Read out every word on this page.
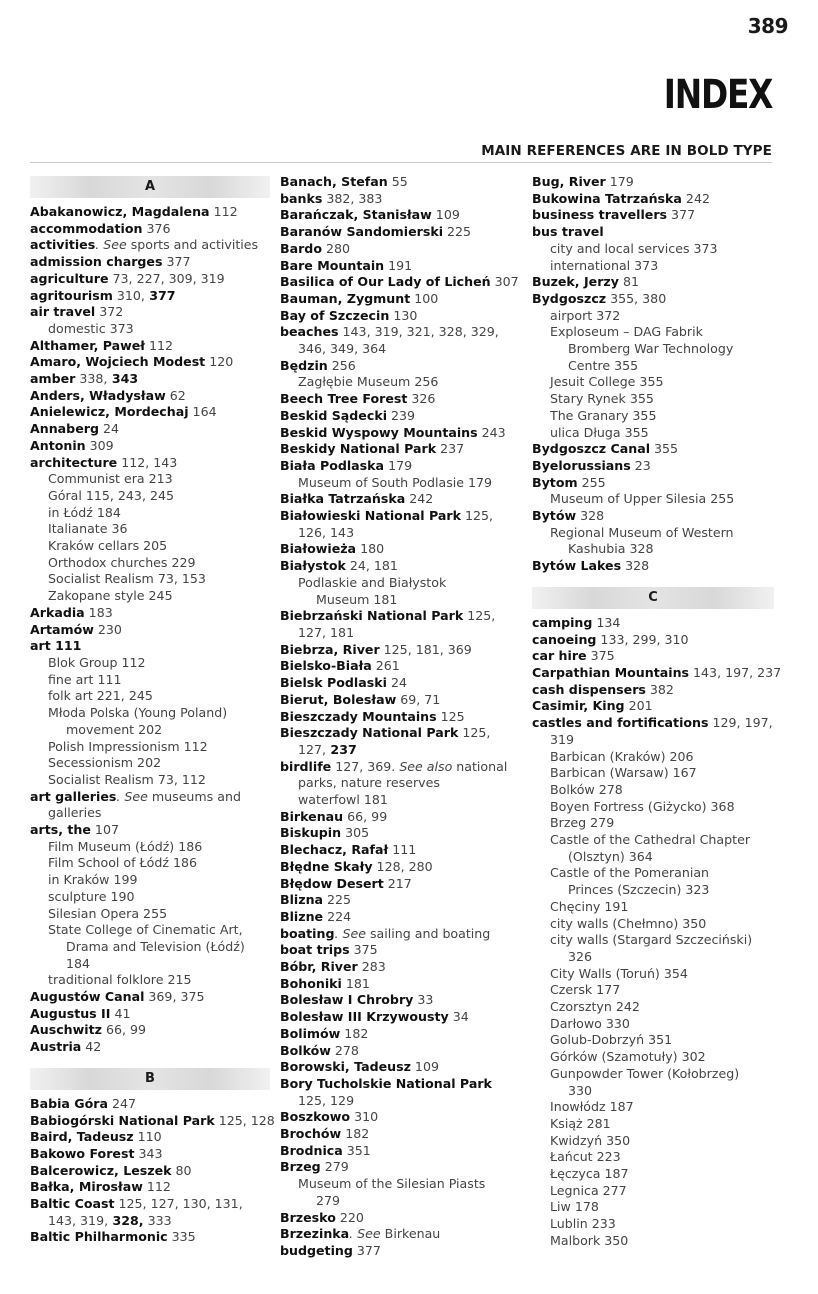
389
INDEX
MAIN REFERENCES ARE IN BOLD TYPE
A
Abakanowicz, Magdalena 112
accommodation 376
activities. See sports and activities
admission charges 377
agriculture 73, 227, 309, 319
agritourism 310, 377
air travel 372
domestic 373
Althamer, Paweł 112
Amaro, Wojciech Modest 120
amber 338, 343
Anders, Władysław 62
Anielewicz, Mordechaj 164
Annaberg 24
Antonin 309
architecture 112, 143
Communist era 213
Góral 115, 243, 245
in Łódź 184
Italianate 36
Kraków cellars 205
Orthodox churches 229
Socialist Realism 73, 153
Zakopane style 245
Arkadia 183
Artamów 230
art 111
Blok Group 112
fine art 111
folk art 221, 245
Młoda Polska (Young Poland)
movement 202
Polish Impressionism 112
Secessionism 202
Socialist Realism 73, 112
art galleries. See museums and
galleries
arts, the 107
Film Museum (Łódź) 186
Film School of Łódź 186
in Kraków 199
sculpture 190
Silesian Opera 255
State College of Cinematic Art,
Drama and Television (Łódź)
184
traditional folklore 215
Augustów Canal 369, 375
Augustus II 41
Auschwitz 66, 99
Austria 42
B
Babia Góra 247
Babiogórski National Park 125, 128
Baird, Tadeusz 110
Bakowo Forest 343
Balcerowicz, Leszek 80
Bałka, Mirosław 112
Baltic Coast 125, 127, 130, 131,
143, 319, 328, 333
Baltic Philharmonic 335
Banach, Stefan 55
banks 382, 383
Barańczak, Stanisław 109
Baranów Sandomierski 225
Bardo 280
Bare Mountain 191
Basilica of Our Lady of Licheń 307
Bauman, Zygmunt 100
Bay of Szczecin 130
beaches 143, 319, 321, 328, 329,
346, 349, 364
Będzin 256
Zagłębie Museum 256
Beech Tree Forest 326
Beskid Sądecki 239
Beskid Wyspowy Mountains 243
Beskidy National Park 237
Biała Podlaska 179
Museum of South Podlasie 179
Białka Tatrzańska 242
Białowieski National Park 125,
126, 143
Białowieża 180
Białystok 24, 181
Podlaskie and Białystok
Museum 181
Biebrzański National Park 125,
127, 181
Biebrza, River 125, 181, 369
Bielsko-Biała 261
Bielsk Podlaski 24
Bierut, Bolesław 69, 71
Bieszczady Mountains 125
Bieszczady National Park 125,
127, 237
birdlife 127, 369. See also national
parks, nature reserves
waterfowl 181
Birkenau 66, 99
Biskupin 305
Blechacz, Rafał 111
Błędne Skały 128, 280
Błędow Desert 217
Blizna 225
Blizne 224
boating. See sailing and boating
boat trips 375
Bóbr, River 283
Bohoniki 181
Bolesław I Chrobry 33
Bolesław III Krzywousty 34
Bolimów 182
Bolków 278
Borowski, Tadeusz 109
Bory Tucholskie National Park
125, 129
Boszkowo 310
Brochów 182
Brodnica 351
Brzeg 279
Museum of the Silesian Piasts
279
Brzesko 220
Brzezinka. See Birkenau
budgeting 377
Bug, River 179
Bukowina Tatrzańska 242
business travellers 377
bus travel
city and local services 373
international 373
Buzek, Jerzy 81
Bydgoszcz 355, 380
airport 372
Exploseum – DAG Fabrik
Bromberg War Technology
Centre 355
Jesuit College 355
Stary Rynek 355
The Granary 355
ulica Długa 355
Bydgoszcz Canal 355
Byelorussians 23
Bytom 255
Museum of Upper Silesia 255
Bytów 328
Regional Museum of Western
Kashubia 328
Bytów Lakes 328
C
camping 134
canoeing 133, 299, 310
car hire 375
Carpathian Mountains 143, 197, 237
cash dispensers 382
Casimir, King 201
castles and fortifications 129, 197,
319
Barbican (Kraków) 206
Barbican (Warsaw) 167
Bolków 278
Boyen Fortress (Giżycko) 368
Brzeg 279
Castle of the Cathedral Chapter
(Olsztyn) 364
Castle of the Pomeranian
Princes (Szczecin) 323
Chęciny 191
city walls (Chełmno) 350
city walls (Stargard Szczeciński)
326
City Walls (Toruń) 354
Czersk 177
Czorsztyn 242
Darłowo 330
Golub-Dobrzyń 351
Górków (Szamotuły) 302
Gunpowder Tower (Kołobrzeg)
330
Inowłódz 187
Książ 281
Kwidzyń 350
Łańcut 223
Łęczyca 187
Legnica 277
Liw 178
Lublin 233
Malbork 350
